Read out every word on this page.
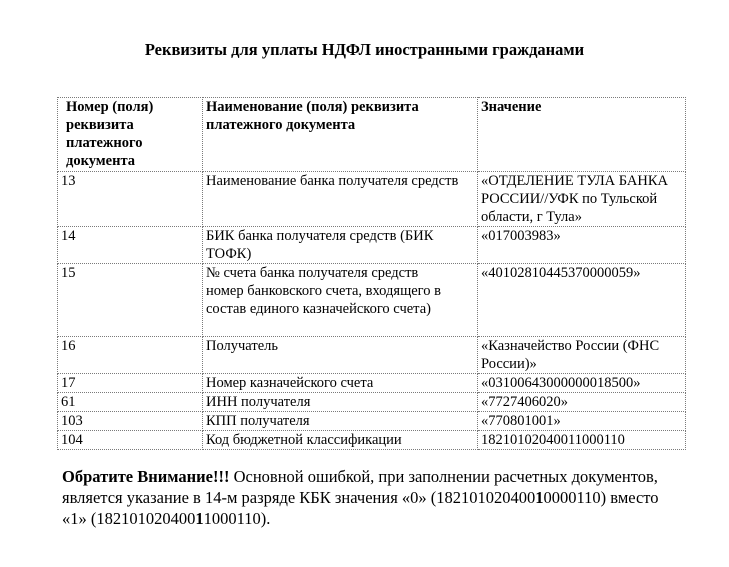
Реквизиты для уплаты НДФЛ иностранными гражданами
Номер (поля) реквизита платежного документа	Наименование (поля) реквизита платежного документа	Значение
13	Наименование банка получателя средств	«ОТДЕЛЕНИЕ ТУЛА БАНКА РОССИИ//УФК по Тульской области, г Тула»
14	БИК банка получателя средств (БИК ТОФК)	«017003983»
15	№ счета банка получателя средств
номер банковского счета, входящего в
состав единого казначейского счета)	«40102810445370000059»
16	Получатель	«Казначейство России (ФНС России)»
17	Номер казначейского счета	«03100643000000018500»
61	ИНН получателя	«7727406020»
103	КПП получателя	«770801001»
104	Код бюджетной классификации	18210102040011000110
Обратите Внимание!!! Основной ошибкой, при заполнении расчетных документов, является указание в 14-м разряде КБК значения «0» (18210102040010000110) вместо «1» (18210102040011000110).
